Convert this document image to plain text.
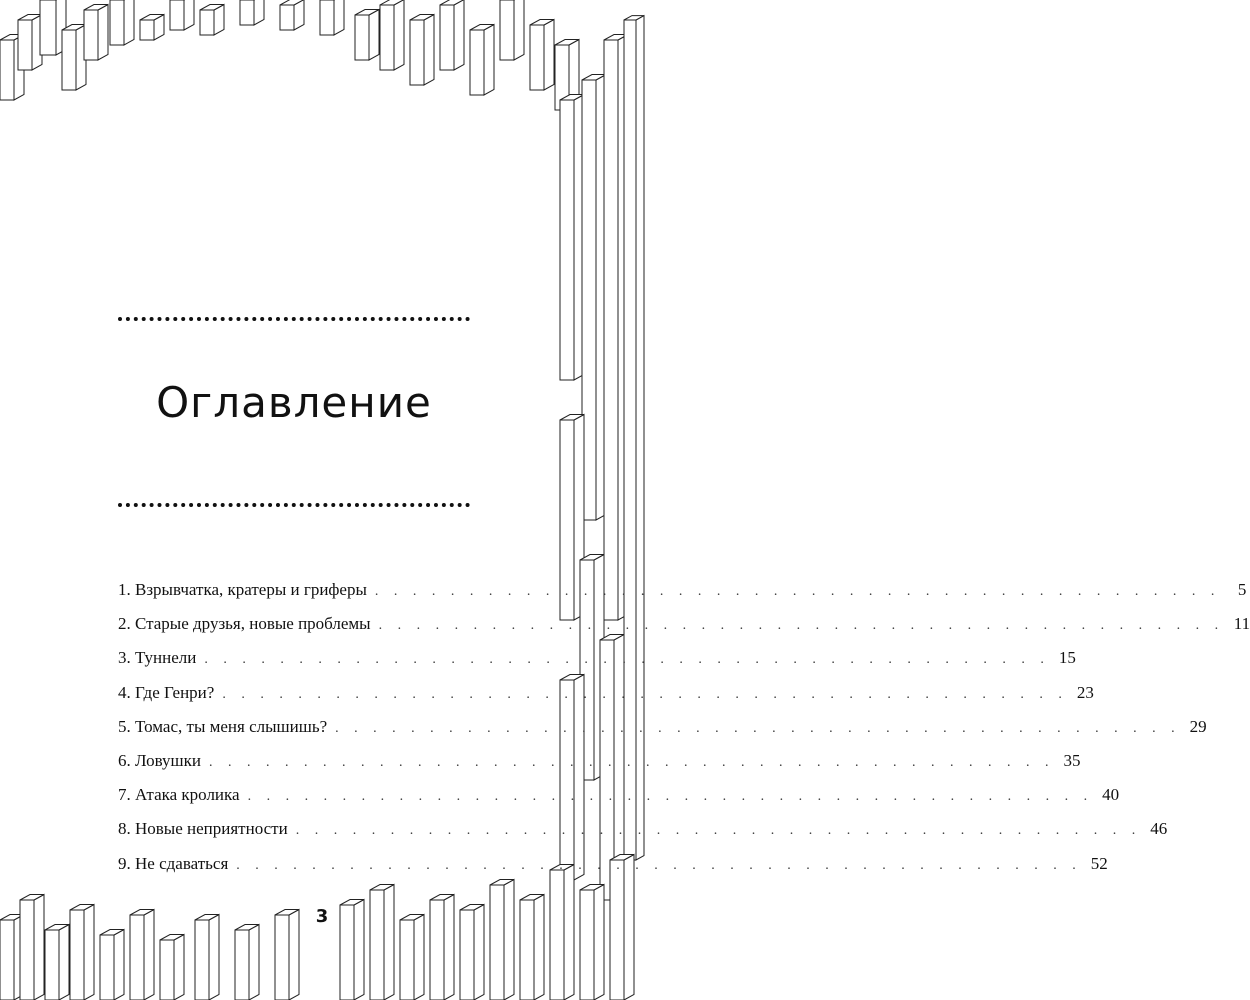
Оглавление
1. Взрывчатка, кратеры и гриферы . . . . . . . . . . . . . . . . . . . . . . . . . . . . . . . . . . . . . . . . . . . . .	5
2. Старые друзья, новые проблемы . . . . . . . . . . . . . . . . . . . . . . . . . . . . . . . . . . . . . . . . . . . . . 11
3. Туннели . . . . . . . . . . . . . . . . . . . . . . . . . . . . . . . . . . . . . . . . . . . . . 15
4. Где Генри? . . . . . . . . . . . . . . . . . . . . . . . . . . . . . . . . . . . . . . . . . . . . . 23
5. Томас, ты меня слышишь? . . . . . . . . . . . . . . . . . . . . . . . . . . . . . . . . . . . . . . . . . . . . . 29
6. Ловушки . . . . . . . . . . . . . . . . . . . . . . . . . . . . . . . . . . . . . . . . . . . . . 35
7. Атака кролика . . . . . . . . . . . . . . . . . . . . . . . . . . . . . . . . . . . . . . . . . . . . . 40
8. Новые неприятности . . . . . . . . . . . . . . . . . . . . . . . . . . . . . . . . . . . . . . . . . . . . . 46
9. Не сдаваться . . . . . . . . . . . . . . . . . . . . . . . . . . . . . . . . . . . . . . . . . . . . . 52
3
